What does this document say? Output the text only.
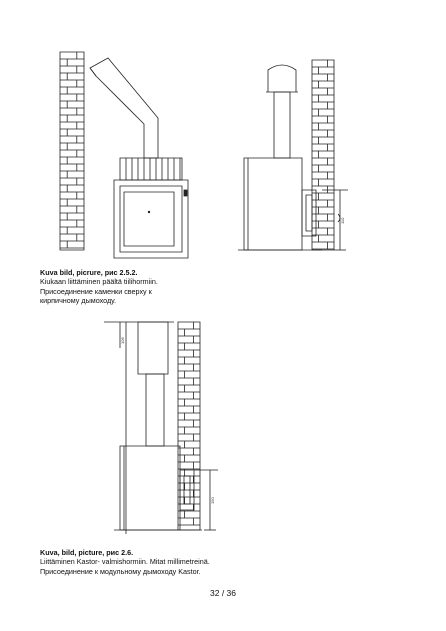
110
Kuva bild, picrure, рис 2.5.2.
Kiukaan liittäminen päältä tiilihormiin.
Присоединение каменки сверху к
кирпичному дымоходу.
106
150
Kuva, bild, picture, рис 2.6.
Liittäminen Kastor- valmishormiin. Mitat millimetreinä.
Присоединение к модульному дымоходу Kastor.
32 / 36
